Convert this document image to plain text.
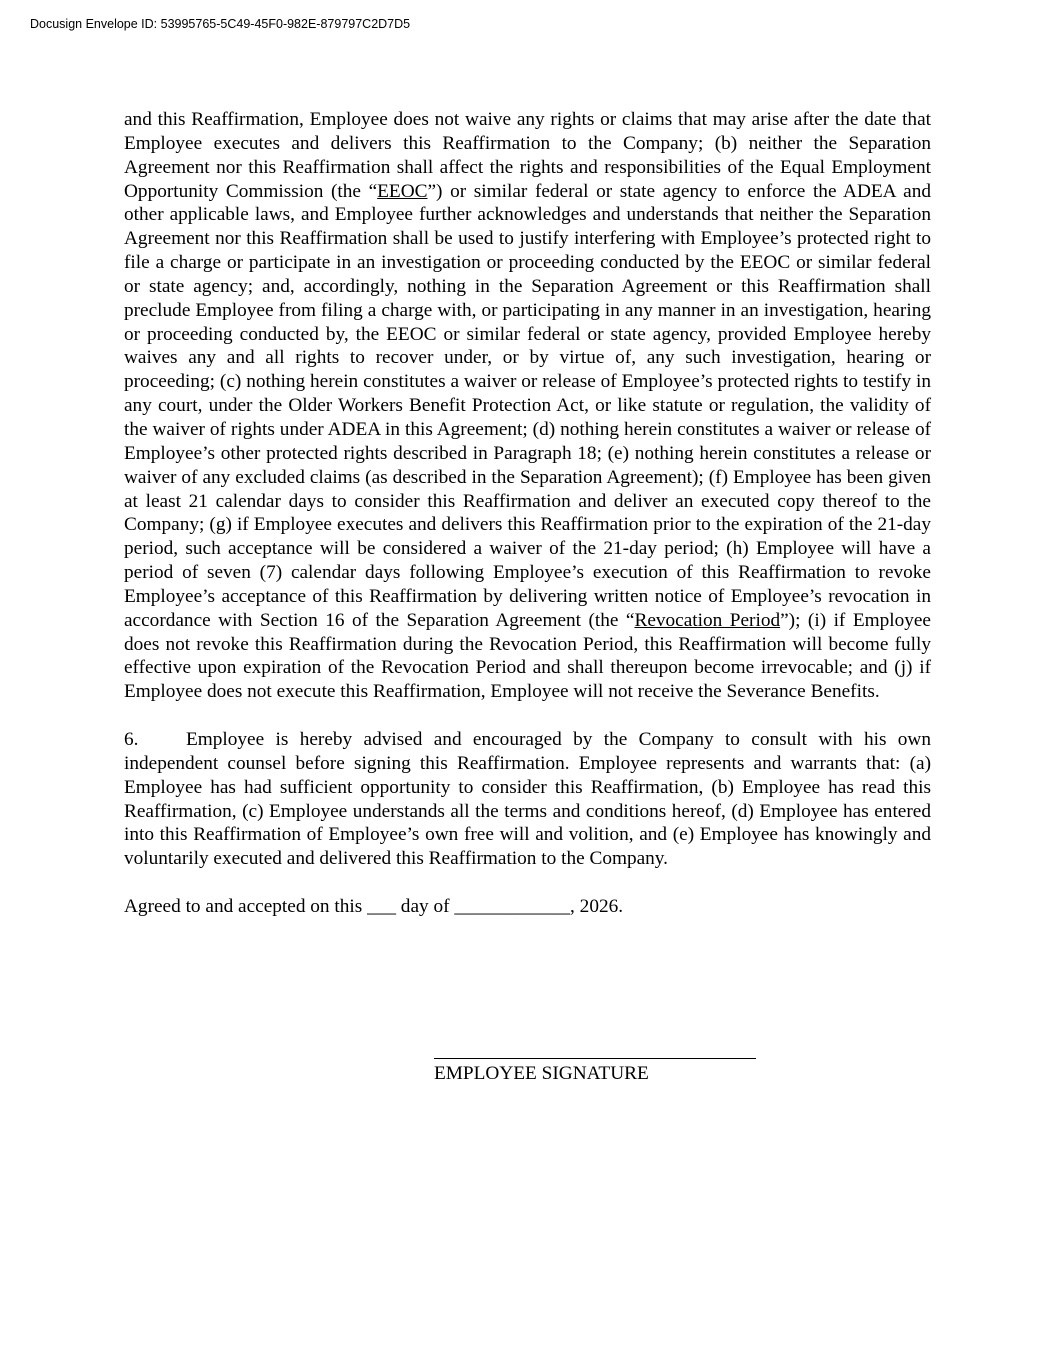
Docusign Envelope ID: 53995765-5C49-45F0-982E-879797C2D7D5

and this Reaffirmation, Employee does not waive any rights or claims that may arise after the date that Employee executes and delivers this Reaffirmation to the Company; (b) neither the Separation Agreement nor this Reaffirmation shall affect the rights and responsibilities of the Equal Employment Opportunity Commission (the “EEOC”) or similar federal or state agency to enforce the ADEA and other applicable laws, and Employee further acknowledges and understands that neither the Separation Agreement nor this Reaffirmation shall be used to justify interfering with Employee’s protected right to file a charge or participate in an investigation or proceeding conducted by the EEOC or similar federal or state agency; and, accordingly, nothing in the Separation Agreement or this Reaffirmation shall preclude Employee from filing a charge with, or participating in any manner in an investigation, hearing or proceeding conducted by, the EEOC or similar federal or state agency, provided Employee hereby waives any and all rights to recover under, or by virtue of, any such investigation, hearing or proceeding; (c) nothing herein constitutes a waiver or release of Employee’s protected rights to testify in any court, under the Older Workers Benefit Protection Act, or like statute or regulation, the validity of the waiver of rights under ADEA in this Agreement; (d) nothing herein constitutes a waiver or release of Employee’s other protected rights described in Paragraph 18; (e) nothing herein constitutes a release or waiver of any excluded claims (as described in the Separation Agreement); (f) Employee has been given at least 21 calendar days to consider this Reaffirmation and deliver an executed copy thereof to the Company; (g) if Employee executes and delivers this Reaffirmation prior to the expiration of the 21-day period, such acceptance will be considered a waiver of the 21-day period; (h) Employee will have a period of seven (7) calendar days following Employee’s execution of this Reaffirmation to revoke Employee’s acceptance of this Reaffirmation by delivering written notice of Employee’s revocation in accordance with Section 16 of the Separation Agreement (the “Revocation Period”); (i) if Employee does not revoke this Reaffirmation during the Revocation Period, this Reaffirmation will become fully effective upon expiration of the Revocation Period and shall thereupon become irrevocable; and (j) if Employee does not execute this Reaffirmation, Employee will not receive the Severance Benefits.

6. Employee is hereby advised and encouraged by the Company to consult with his own independent counsel before signing this Reaffirmation. Employee represents and warrants that: (a) Employee has had sufficient opportunity to consider this Reaffirmation, (b) Employee has read this Reaffirmation, (c) Employee understands all the terms and conditions hereof, (d) Employee has entered into this Reaffirmation of Employee’s own free will and volition, and (e) Employee has knowingly and voluntarily executed and delivered this Reaffirmation to the Company.

Agreed to and accepted on this ___ day of ____________, 2026.

EMPLOYEE SIGNATURE
